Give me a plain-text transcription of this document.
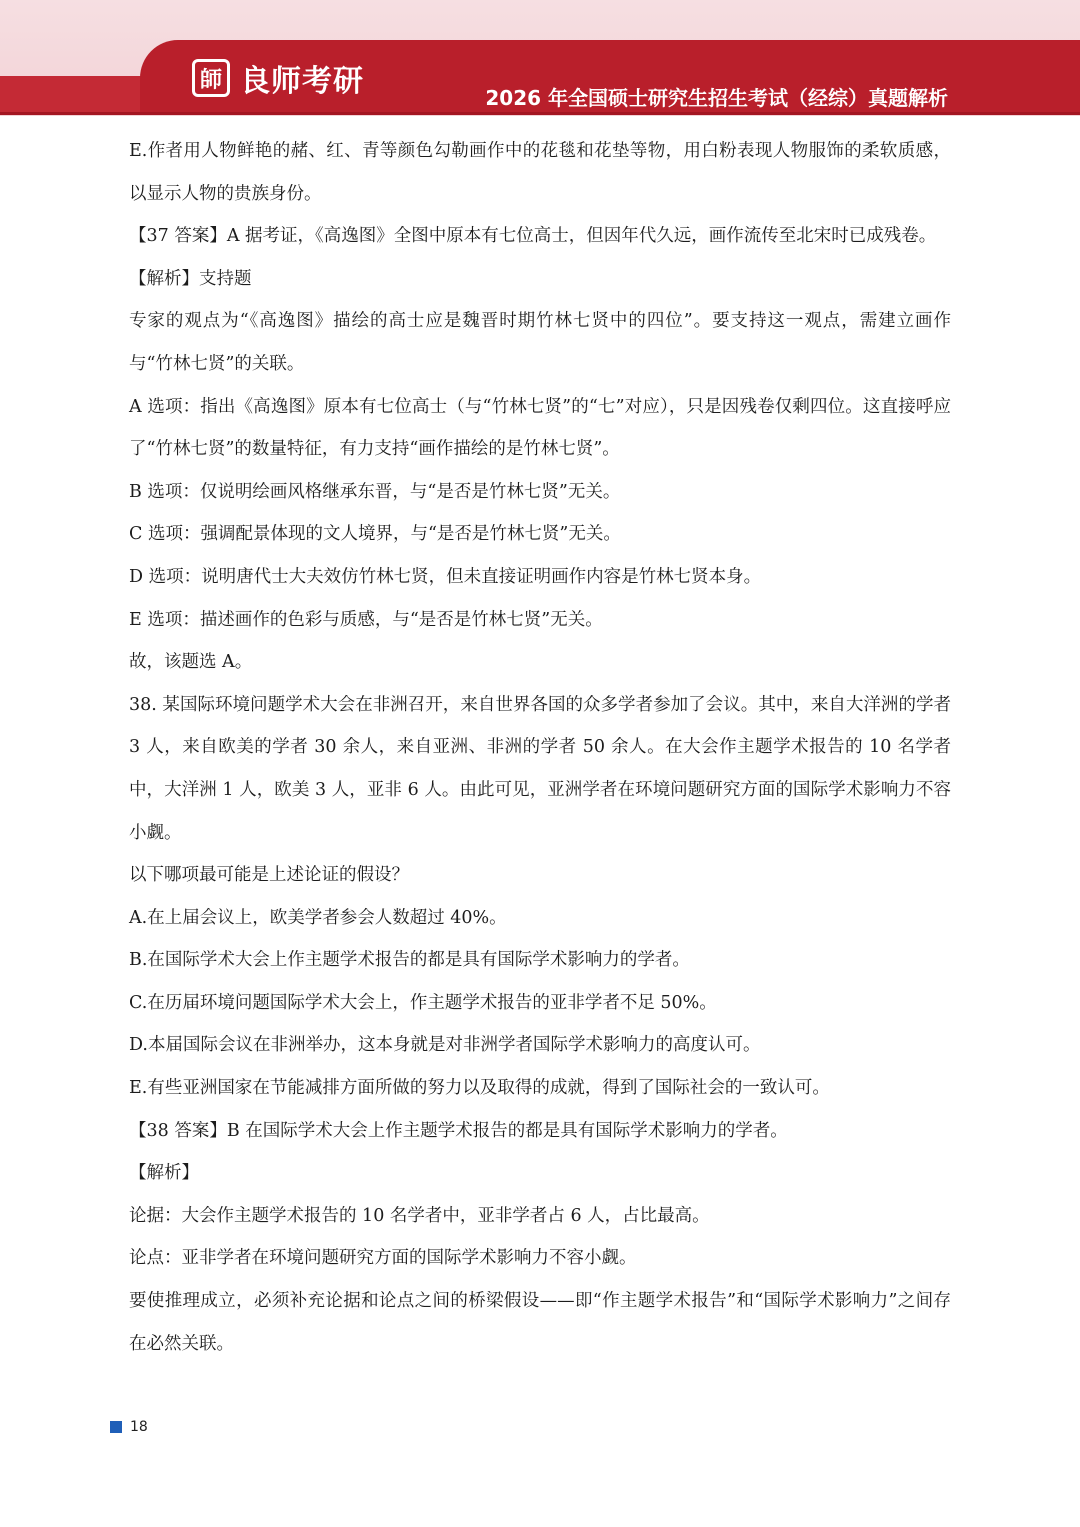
師 良师考研	2026 年全国硕士研究生招生考试（经综）真题解析

E.作者用人物鲜艳的赭、红、青等颜色勾勒画作中的花毯和花垫等物，用白粉表现人物服饰的柔软质感，以显示人物的贵族身份。

【37 答案】A 据考证，《高逸图》全图中原本有七位高士，但因年代久远，画作流传至北宋时已成残卷。

【解析】支持题

专家的观点为“《高逸图》描绘的高士应是魏晋时期竹林七贤中的四位”。要支持这一观点，需建立画作与“竹林七贤”的关联。

A 选项：指出《高逸图》原本有七位高士（与“竹林七贤”的“七”对应），只是因残卷仅剩四位。这直接呼应了“竹林七贤”的数量特征，有力支持“画作描绘的是竹林七贤”。

B 选项：仅说明绘画风格继承东晋，与“是否是竹林七贤”无关。

C 选项：强调配景体现的文人境界，与“是否是竹林七贤”无关。

D 选项：说明唐代士大夫效仿竹林七贤，但未直接证明画作内容是竹林七贤本身。

E 选项：描述画作的色彩与质感，与“是否是竹林七贤”无关。

故，该题选 A。

38. 某国际环境问题学术大会在非洲召开，来自世界各国的众多学者参加了会议。其中，来自大洋洲的学者 3 人，来自欧美的学者 30 余人，来自亚洲、非洲的学者 50 余人。在大会作主题学术报告的 10 名学者中，大洋洲 1 人，欧美 3 人，亚非 6 人。由此可见，亚洲学者在环境问题研究方面的国际学术影响力不容小觑。

以下哪项最可能是上述论证的假设？

A.在上届会议上，欧美学者参会人数超过 40%。

B.在国际学术大会上作主题学术报告的都是具有国际学术影响力的学者。

C.在历届环境问题国际学术大会上，作主题学术报告的亚非学者不足 50%。

D.本届国际会议在非洲举办，这本身就是对非洲学者国际学术影响力的高度认可。

E.有些亚洲国家在节能减排方面所做的努力以及取得的成就，得到了国际社会的一致认可。

【38 答案】B 在国际学术大会上作主题学术报告的都是具有国际学术影响力的学者。

【解析】

论据：大会作主题学术报告的 10 名学者中，亚非学者占 6 人，占比最高。

论点：亚非学者在环境问题研究方面的国际学术影响力不容小觑。

要使推理成立，必须补充论据和论点之间的桥梁假设——即“作主题学术报告”和“国际学术影响力”之间存在必然关联。

18
